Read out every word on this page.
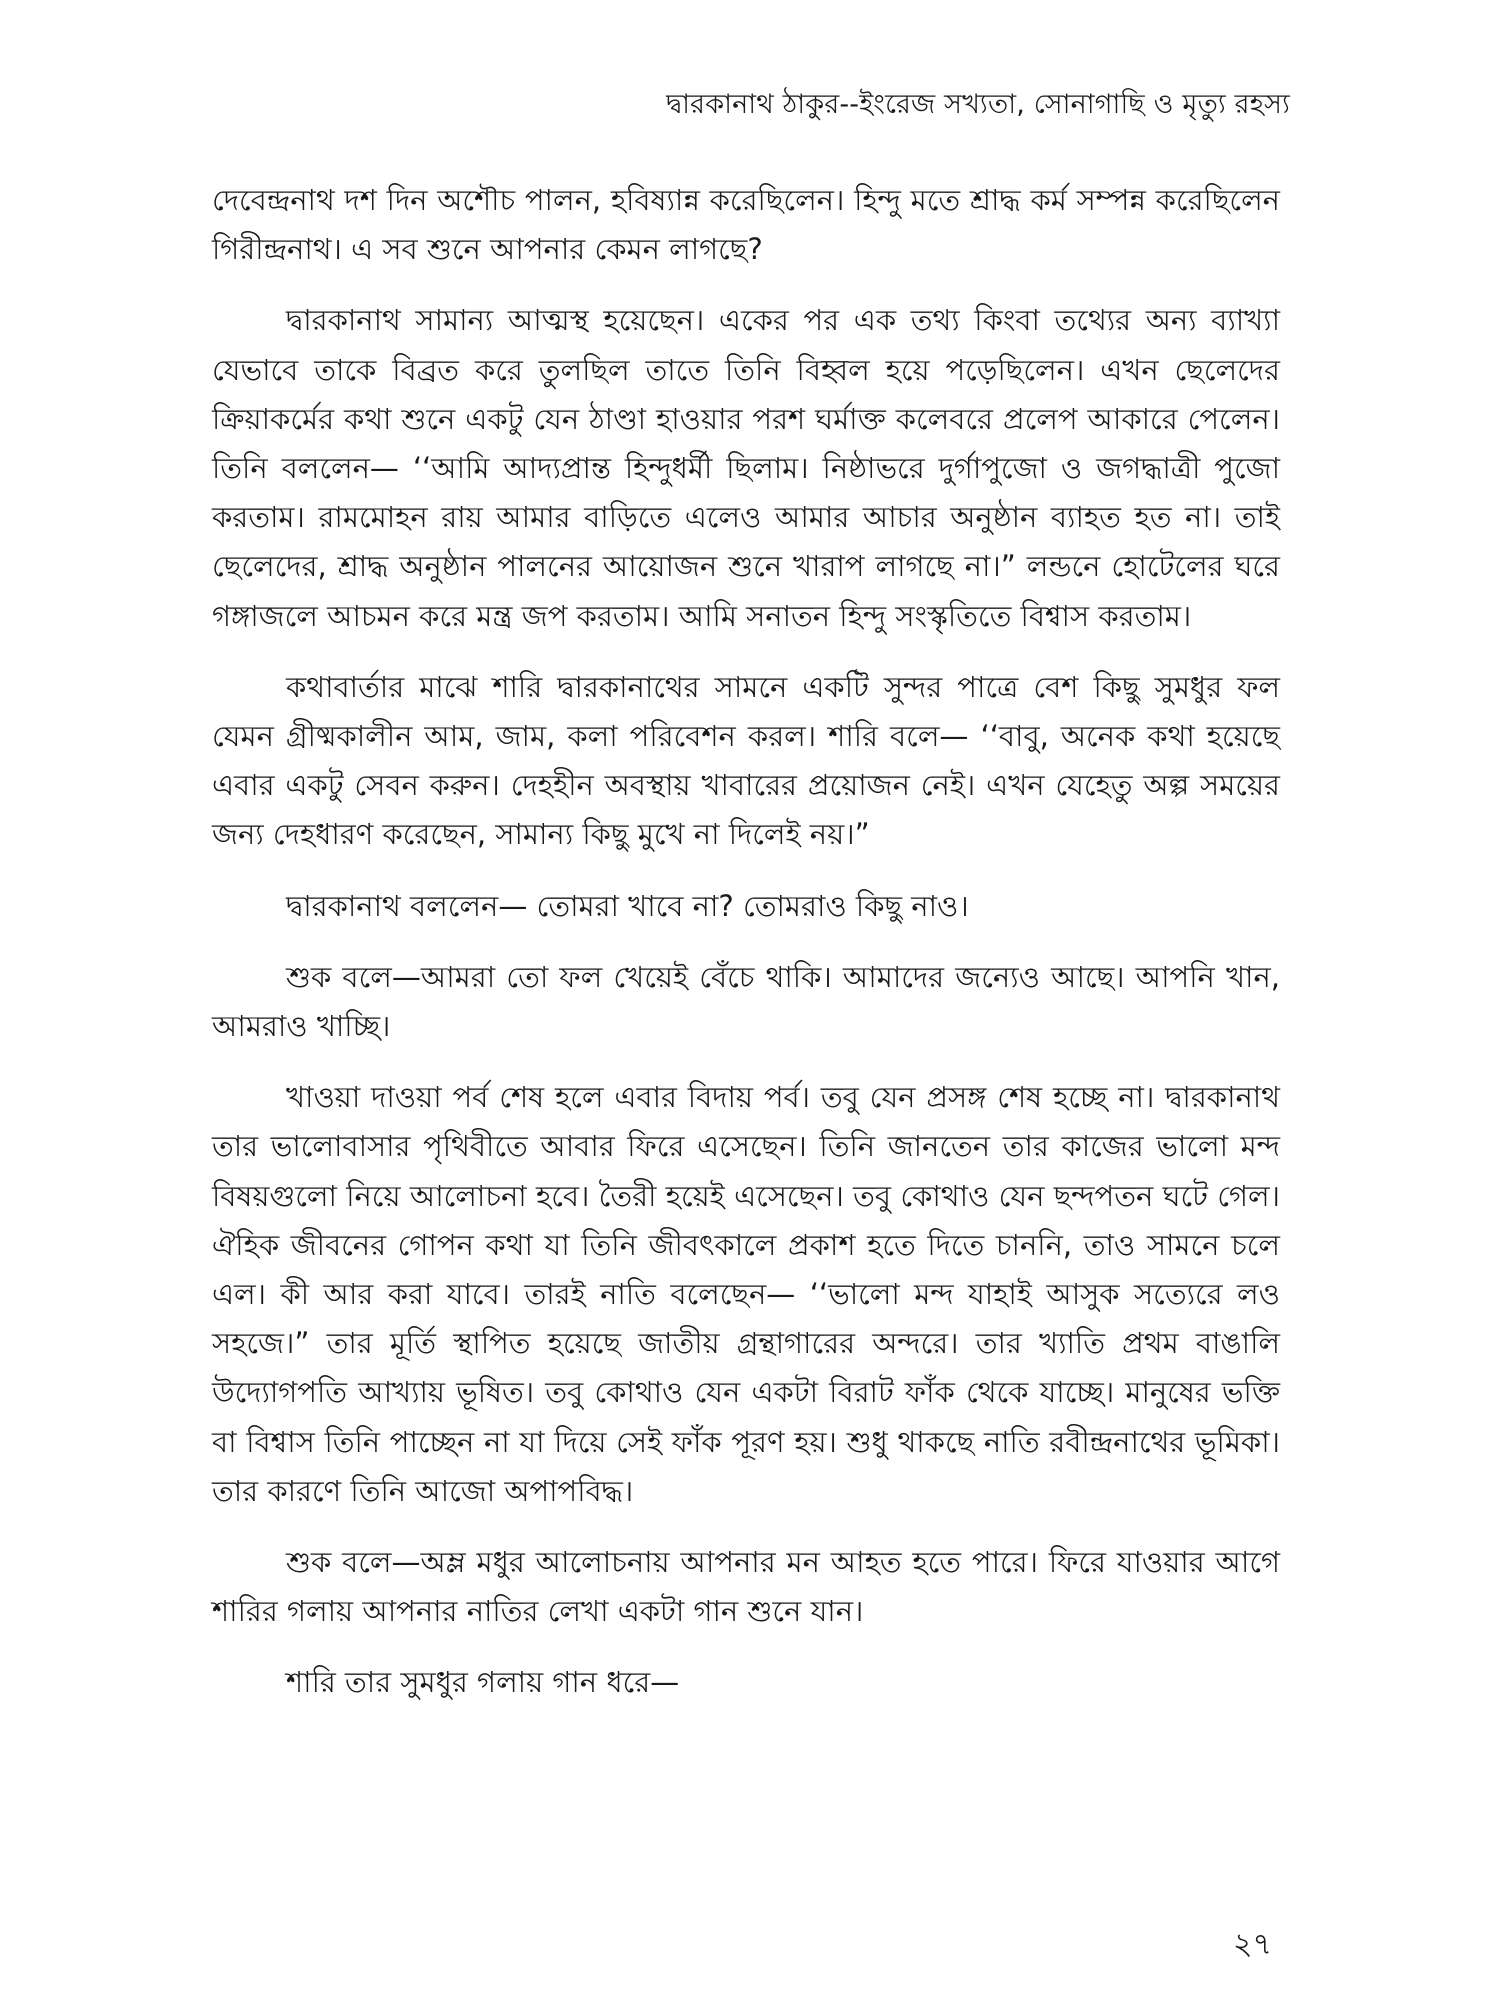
দ্বারকানাথ ঠাকুর--ইংরেজ সখ্যতা, সোনাগাছি ও মৃত্যু রহস্য

দেবেন্দ্রনাথ দশ দিন অশৌচ পালন, হবিষ্যান্ন করেছিলেন। হিন্দু মতে শ্রাদ্ধ কর্ম সম্পন্ন করেছিলেন গিরীন্দ্রনাথ। এ সব শুনে আপনার কেমন লাগছে?

দ্বারকানাথ সামান্য আত্মস্থ হয়েছেন। একের পর এক তথ্য কিংবা তথ্যের অন্য ব্যাখ্যা যেভাবে তাকে বিব্রত করে তুলছিল তাতে তিনি বিহ্বল হয়ে পড়েছিলেন। এখন ছেলেদের ক্রিয়াকর্মের কথা শুনে একটু যেন ঠাণ্ডা হাওয়ার পরশ ঘর্মাক্ত কলেবরে প্রলেপ আকারে পেলেন। তিনি বললেন— ‘‘আমি আদ্যপ্রান্ত হিন্দুধর্মী ছিলাম। নিষ্ঠাভরে দুর্গাপুজো ও জগদ্ধাত্রী পুজো করতাম। রামমোহন রায় আমার বাড়িতে এলেও আমার আচার অনুষ্ঠান ব্যাহত হত না। তাই ছেলেদের, শ্রাদ্ধ অনুষ্ঠান পালনের আয়োজন শুনে খারাপ লাগছে না।” লন্ডনে হোটেলের ঘরে গঙ্গাজলে আচমন করে মন্ত্র জপ করতাম। আমি সনাতন হিন্দু সংস্কৃতিতে বিশ্বাস করতাম।

কথাবার্তার মাঝে শারি দ্বারকানাথের সামনে একটি সুন্দর পাত্রে বেশ কিছু সুমধুর ফল যেমন গ্রীষ্মকালীন আম, জাম, কলা পরিবেশন করল। শারি বলে— ‘‘বাবু, অনেক কথা হয়েছে এবার একটু সেবন করুন। দেহহীন অবস্থায় খাবারের প্রয়োজন নেই। এখন যেহেতু অল্প সময়ের জন্য দেহধারণ করেছেন, সামান্য কিছু মুখে না দিলেই নয়।”

দ্বারকানাথ বললেন— তোমরা খাবে না? তোমরাও কিছু নাও।

শুক বলে—আমরা তো ফল খেয়েই বেঁচে থাকি। আমাদের জন্যেও আছে। আপনি খান, আমরাও খাচ্ছি।

খাওয়া দাওয়া পর্ব শেষ হলে এবার বিদায় পর্ব। তবু যেন প্রসঙ্গ শেষ হচ্ছে না। দ্বারকানাথ তার ভালোবাসার পৃথিবীতে আবার ফিরে এসেছেন। তিনি জানতেন তার কাজের ভালো মন্দ বিষয়গুলো নিয়ে আলোচনা হবে। তৈরী হয়েই এসেছেন। তবু কোথাও যেন ছন্দপতন ঘটে গেল। ঐহিক জীবনের গোপন কথা যা তিনি জীবৎকালে প্রকাশ হতে দিতে চাননি, তাও সামনে চলে এল। কী আর করা যাবে। তারই নাতি বলেছেন— ‘‘ভালো মন্দ যাহাই আসুক সত্যেরে লও সহজে।” তার মূর্তি স্থাপিত হয়েছে জাতীয় গ্রন্থাগারের অন্দরে। তার খ্যাতি প্রথম বাঙালি উদ্যোগপতি আখ্যায় ভূষিত। তবু কোথাও যেন একটা বিরাট ফাঁক থেকে যাচ্ছে। মানুষের ভক্তি বা বিশ্বাস তিনি পাচ্ছেন না যা দিয়ে সেই ফাঁক পূরণ হয়। শুধু থাকছে নাতি রবীন্দ্রনাথের ভূমিকা। তার কারণে তিনি আজো অপাপবিদ্ধ।

শুক বলে—অম্ল মধুর আলোচনায় আপনার মন আহত হতে পারে। ফিরে যাওয়ার আগে শারির গলায় আপনার নাতির লেখা একটা গান শুনে যান।

শারি তার সুমধুর গলায় গান ধরে—

২৭
